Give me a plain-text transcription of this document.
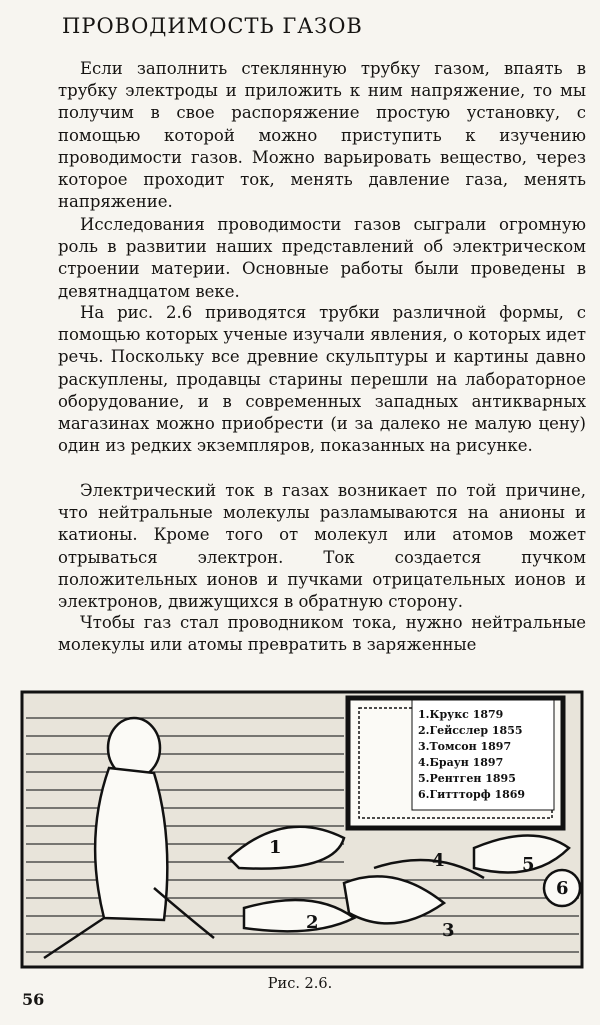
ПРОВОДИМОСТЬ ГАЗОВ

Если заполнить стеклянную трубку газом, впаять в трубку электроды и приложить к ним напряжение, то мы получим в свое распоряжение простую установку, с помощью которой можно приступить к изучению проводимости газов. Можно варьировать вещество, через которое проходит ток, менять давление газа, менять напряжение.

Исследования проводимости газов сыграли огромную роль в развитии наших представлений об электрическом строении материи. Основные работы были проведены в девятнадцатом веке.

На рис. 2.6 приводятся трубки различной формы, с помощью которых ученые изучали явления, о которых идет речь. Поскольку все древние скульптуры и картины давно раскуплены, продавцы старины перешли на лабораторное оборудование, и в современных западных антикварных магазинах можно приобрести (и за далеко не малую цену) один из редких экземпляров, показанных на рисунке.

Электрический ток в газах возникает по той причине, что нейтральные молекулы разламываются на анионы и катионы. Кроме того от молекул или атомов может отрываться электрон. Ток создается пучком положительных ионов и пучками отрицательных ионов и электронов, движущихся в обратную сторону.

Чтобы газ стал проводником тока, нужно нейтральные молекулы или атомы превратить в заряженные

1.Крукс 1879
2.Гейсслер 1855
3.Томсон 1897
4.Браун 1897
5.Рентген 1895
6.Гиттторф 1869
1
2	3
4	5
6
Рис. 2.6.
56
